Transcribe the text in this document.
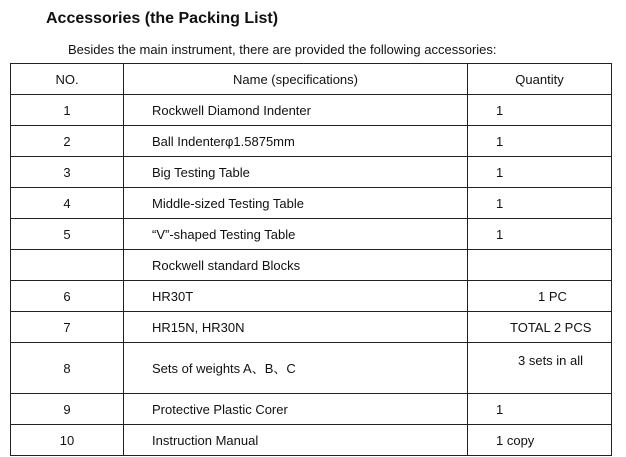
Accessories (the Packing List)
Besides the main instrument, there are provided the following accessories:
NO.	Name (specifications)	Quantity
1	Rockwell Diamond Indenter	1
2	Ball Indenterφ1.5875mm	1
3	Big Testing Table	1
4	Middle-sized Testing Table	1
5	“V”-shaped Testing Table	1
	Rockwell standard Blocks	
6	HR30T	1 PC
7	HR15N, HR30N	TOTAL 2 PCS
8	Sets of weights A、B、C	3 sets in all
9	Protective Plastic Corer	1
10	Instruction Manual	1 copy
